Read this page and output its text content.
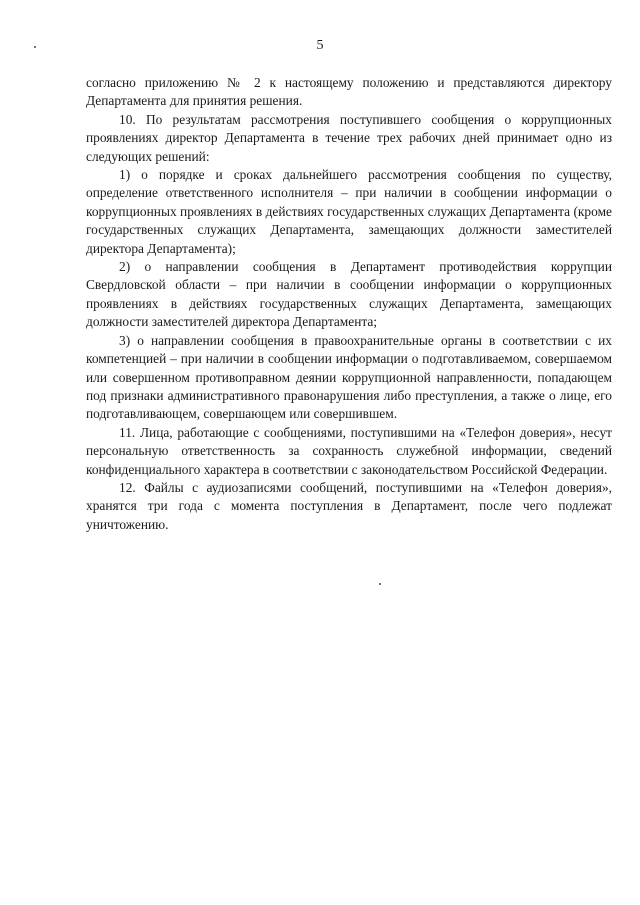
5

согласно приложению № 2 к настоящему положению и представляются директору Департамента для принятия решения.

10. По результатам рассмотрения поступившего сообщения о коррупционных проявлениях директор Департамента в течение трех рабочих дней принимает одно из следующих решений:

1) о порядке и сроках дальнейшего рассмотрения сообщения по существу, определение ответственного исполнителя – при наличии в сообщении информации о коррупционных проявлениях в действиях государственных служащих Департамента (кроме государственных служащих Департамента, замещающих должности заместителей директора Департамента);

2) о направлении сообщения в Департамент противодействия коррупции Свердловской области – при наличии в сообщении информации о коррупционных проявлениях в действиях государственных служащих Департамента, замещающих должности заместителей директора Департамента;

3) о направлении сообщения в правоохранительные органы в соответствии с их компетенцией – при наличии в сообщении информации о подготавливаемом, совершаемом или совершенном противоправном деянии коррупционной направленности, попадающем под признаки административного правонарушения либо преступления, а также о лице, его подготавливающем, совершающем или совершившем.

11. Лица, работающие с сообщениями, поступившими на «Телефон доверия», несут персональную ответственность за сохранность служебной информации, сведений конфиденциального характера в соответствии с законодательством Российской Федерации.

12. Файлы с аудиозаписями сообщений, поступившими на «Телефон доверия», хранятся три года с момента поступления в Департамент, после чего подлежат уничтожению.
